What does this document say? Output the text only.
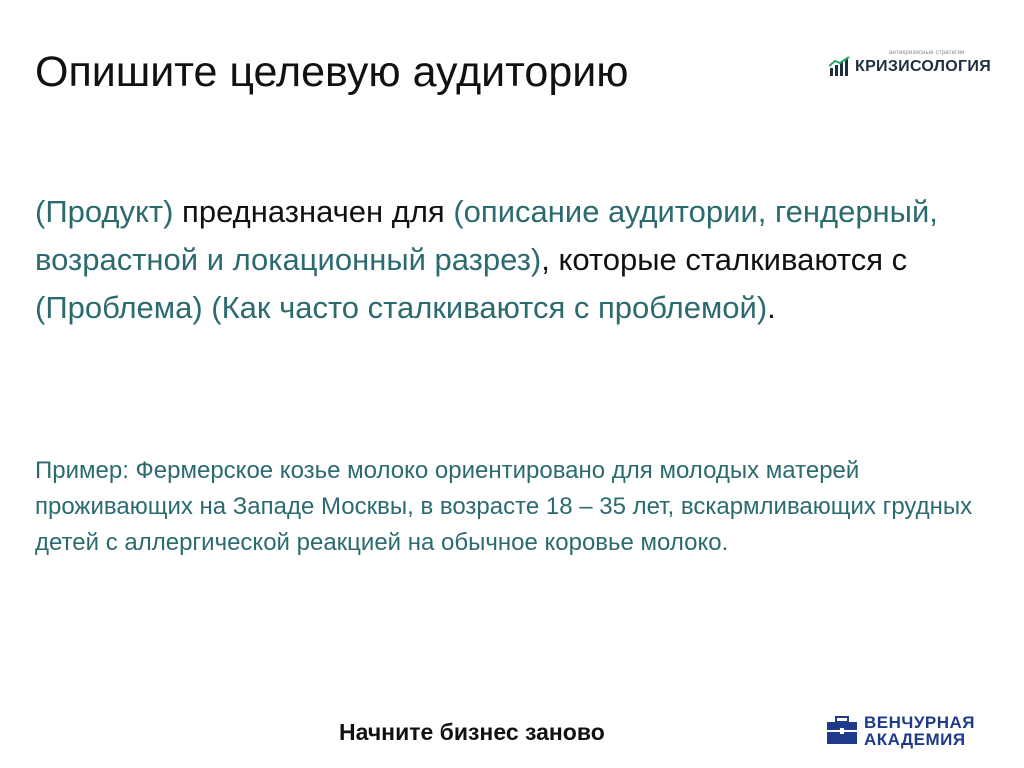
Опишите целевую аудиторию	антикризисные стратегии
КРИЗИСОЛОГИЯ

(Продукт) предназначен для (описание аудитории, гендерный, возрастной и локационный разрез), которые сталкиваются с (Проблема) (Как часто сталкиваются с проблемой).

Пример: Фермерское козье молоко ориентировано для молодых матерей проживающих на Западе Москвы, в возрасте 18 – 35 лет, вскармливающих грудных детей с аллергической реакцией на обычное коровье молоко.

Начните бизнес заново	ВЕНЧУРНАЯ
АКАДЕМИЯ
